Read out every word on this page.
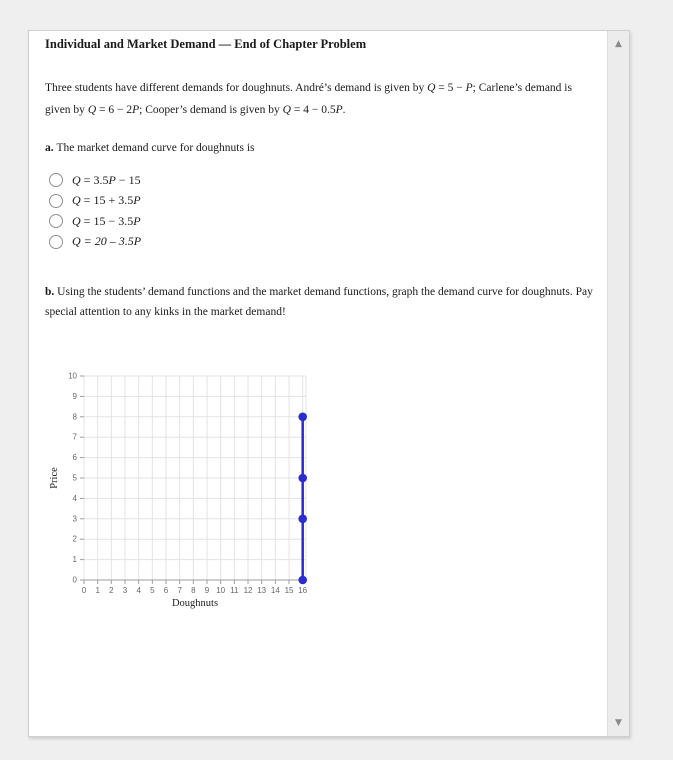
Individual and Market Demand — End of Chapter Problem
Three students have different demands for doughnuts. André’s demand is given by Q = 5 − P; Carlene’s demand is
given by Q = 6 − 2P; Cooper’s demand is given by Q = 4 − 0.5P.
a. The market demand curve for doughnuts is
Q = 3.5P − 15
Q = 15 + 3.5P
Q = 15 − 3.5P
Q = 20 – 3.5P
b. Using the students’ demand functions and the market demand functions, graph the demand curve for doughnuts. Pay
special attention to any kinks in the market demand!
0 1 2 3 4 5 6 7 8 9 10 11 12 13 14 15 16
0
1
2
3
4
5
6
7
8
9
10
Doughnuts
Price
▲
▼
